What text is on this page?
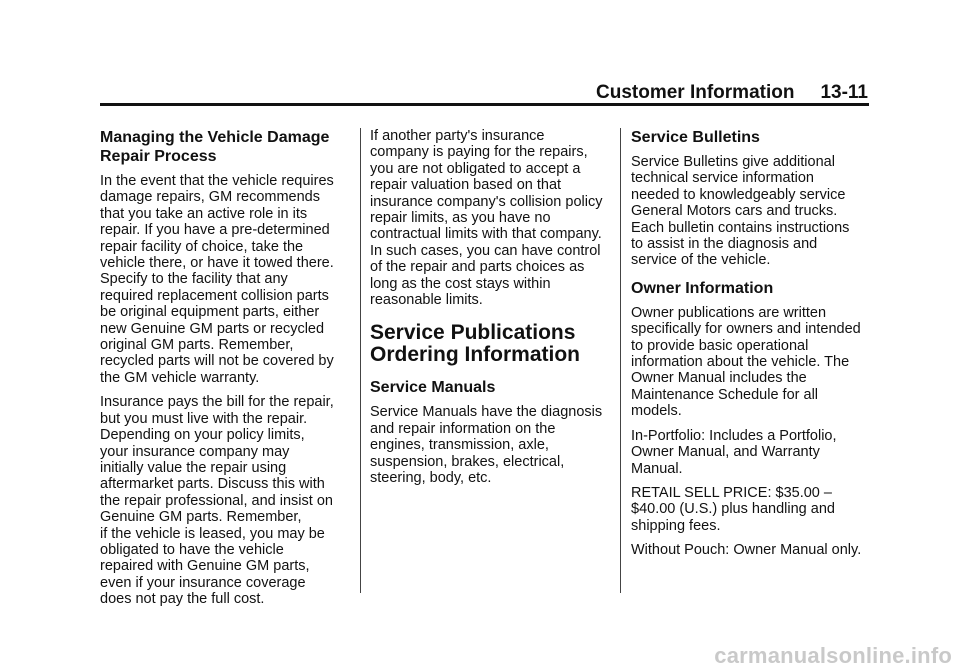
Customer Information 13-11
Managing the Vehicle Damage
Repair Process

In the event that the vehicle requires
damage repairs, GM recommends
that you take an active role in its
repair. If you have a pre-determined
repair facility of choice, take the
vehicle there, or have it towed there.
Specify to the facility that any
required replacement collision parts
be original equipment parts, either
new Genuine GM parts or recycled
original GM parts. Remember,
recycled parts will not be covered by
the GM vehicle warranty.

Insurance pays the bill for the repair,
but you must live with the repair.
Depending on your policy limits,
your insurance company may
initially value the repair using
aftermarket parts. Discuss this with
the repair professional, and insist on
Genuine GM parts. Remember,
if the vehicle is leased, you may be
obligated to have the vehicle
repaired with Genuine GM parts,
even if your insurance coverage
does not pay the full cost.

If another party's insurance
company is paying for the repairs,
you are not obligated to accept a
repair valuation based on that
insurance company's collision policy
repair limits, as you have no
contractual limits with that company.
In such cases, you can have control
of the repair and parts choices as
long as the cost stays within
reasonable limits.

Service Publications
Ordering Information
Service Manuals

Service Manuals have the diagnosis
and repair information on the
engines, transmission, axle,
suspension, brakes, electrical,
steering, body, etc.

Service Bulletins

Service Bulletins give additional
technical service information
needed to knowledgeably service
General Motors cars and trucks.
Each bulletin contains instructions
to assist in the diagnosis and
service of the vehicle.

Owner Information

Owner publications are written
specifically for owners and intended
to provide basic operational
information about the vehicle. The
Owner Manual includes the
Maintenance Schedule for all
models.

In-Portfolio: Includes a Portfolio,
Owner Manual, and Warranty
Manual.

RETAIL SELL PRICE: $35.00 –
$40.00 (U.S.) plus handling and
shipping fees.

Without Pouch: Owner Manual only.

carmanualsonline.info
